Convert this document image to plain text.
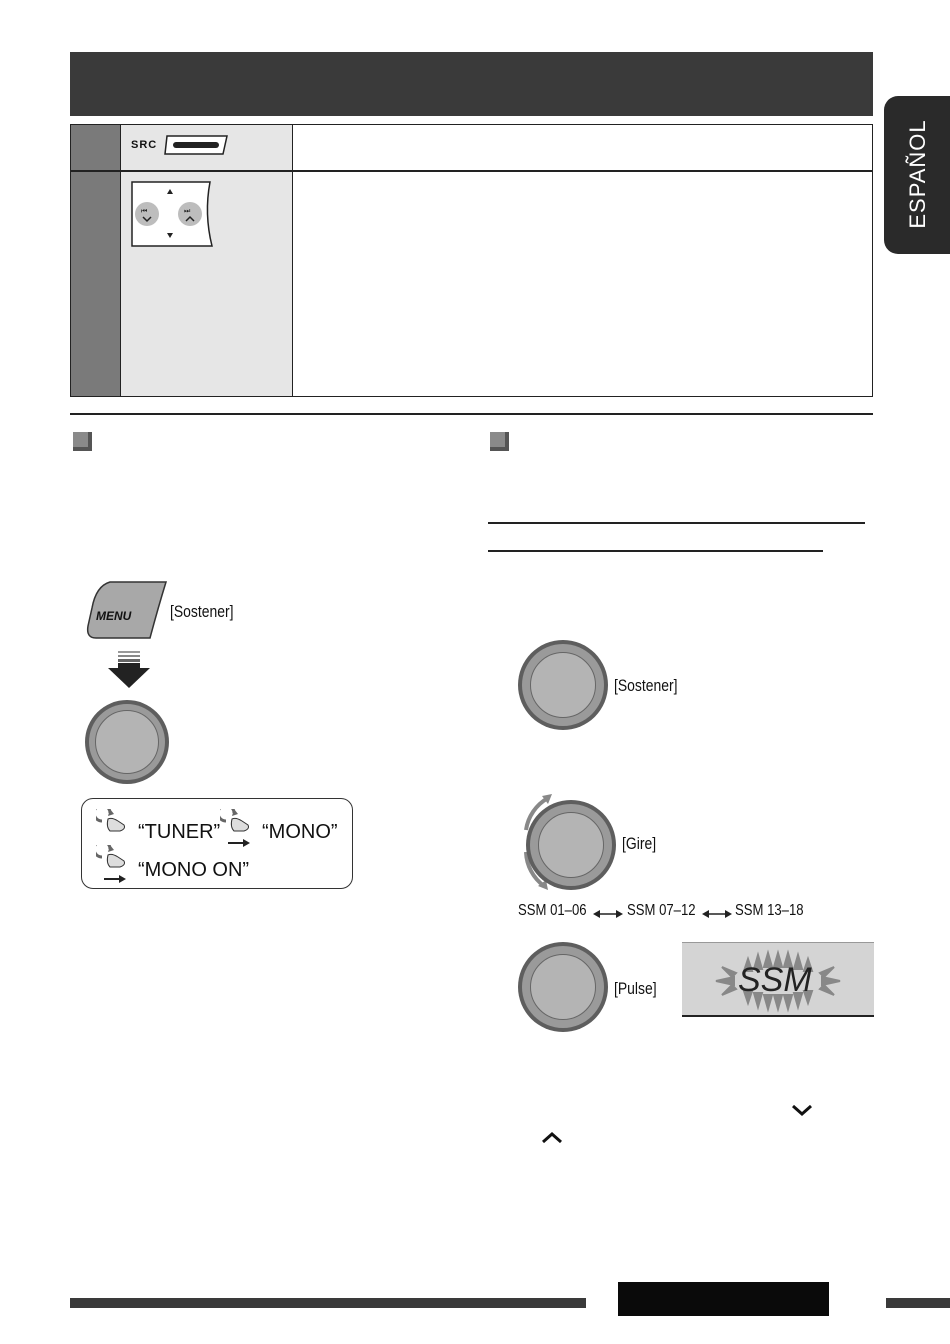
ESPAÑOL
SRC
⏮	⏭
MENU [Sostener]
“TUNER” “MONO”
“MONO ON”
[Sostener]
[Gire]
SSM 01–06	SSM 07–12 SSM 13–18
[Pulse] SSM
